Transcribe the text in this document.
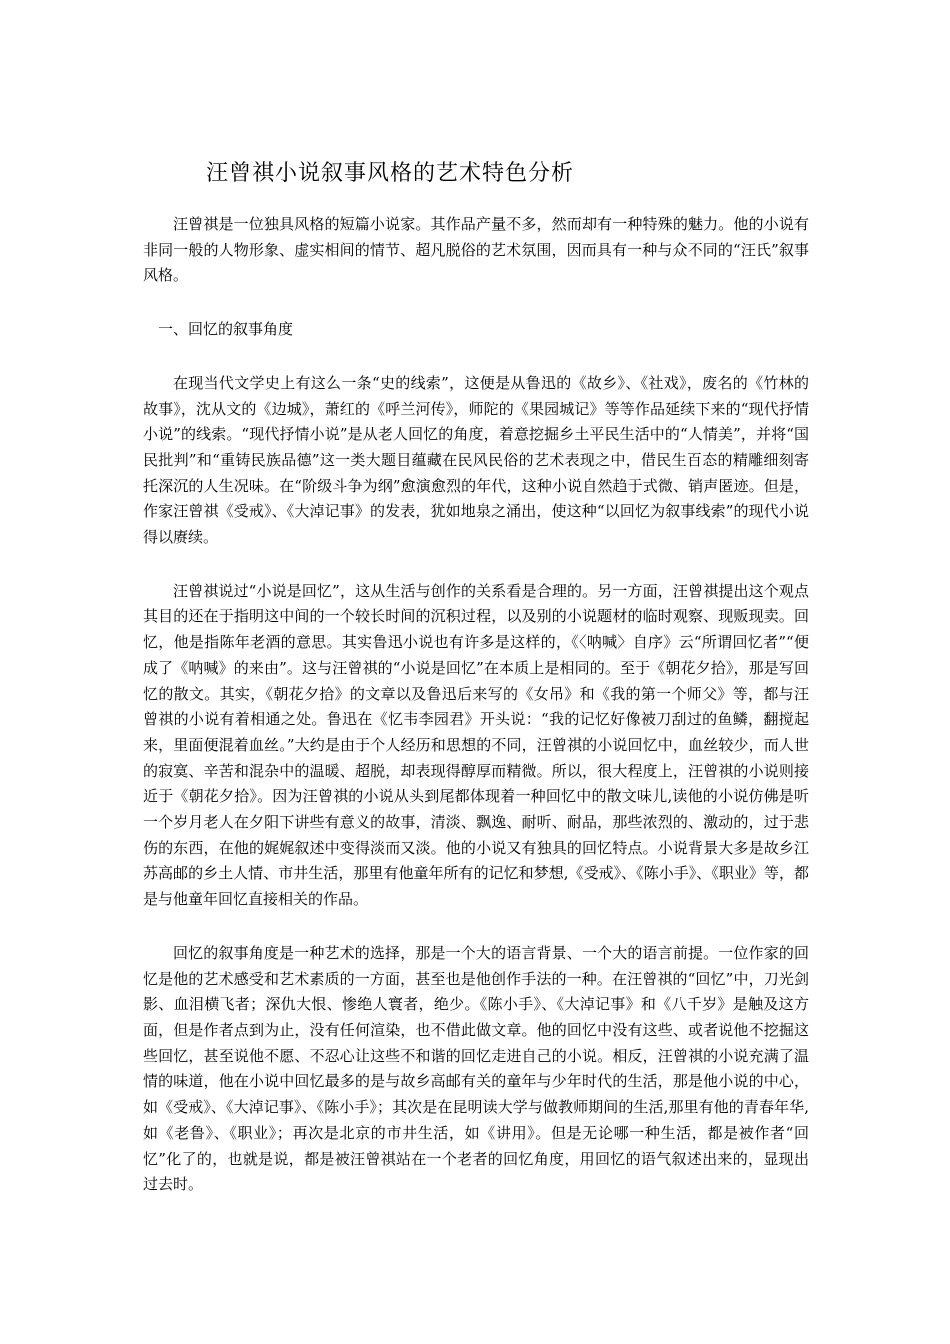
汪曾祺小说叙事风格的艺术特色分析

汪曾祺是一位独具风格的短篇小说家。其作品产量不多，然而却有一种特殊的魅力。他的小说有非同一般的人物形象、虚实相间的情节、超凡脱俗的艺术氛围，因而具有一种与众不同的“汪氏”叙事风格。

一、回忆的叙事角度

在现当代文学史上有这么一条“史的线索”，这便是从鲁迅的《故乡》、《社戏》，废名的《竹林的故事》，沈从文的《边城》，萧红的《呼兰河传》，师陀的《果园城记》等等作品延续下来的“现代抒情小说”的线索。“现代抒情小说”是从老人回忆的角度，着意挖掘乡土平民生活中的“人情美”，并将“国民批判”和“重铸民族品德”这一类大题目蕴藏在民风民俗的艺术表现之中，借民生百态的精雕细刻寄托深沉的人生况味。在“阶级斗争为纲”愈演愈烈的年代，这种小说自然趋于式微、销声匿迹。但是，作家汪曾祺《受戒》、《大淖记事》的发表，犹如地泉之涌出，使这种“以回忆为叙事线索”的现代小说得以赓续。

汪曾祺说过“小说是回忆”，这从生活与创作的关系看是合理的。另一方面，汪曾祺提出这个观点其目的还在于指明这中间的一个较长时间的沉积过程，以及别的小说题材的临时观察、现贩现卖。回忆，他是指陈年老酒的意思。其实鲁迅小说也有许多是这样的，《〈呐喊〉自序》云“所谓回忆者”“便成了《呐喊》的来由”。这与汪曾祺的“小说是回忆”在本质上是相同的。至于《朝花夕拾》，那是写回忆的散文。其实，《朝花夕拾》的文章以及鲁迅后来写的《女吊》和《我的第一个师父》等，都与汪曾祺的小说有着相通之处。鲁迅在《忆韦李园君》开头说：“我的记忆好像被刀刮过的鱼鳞，翻搅起来，里面便混着血丝。”大约是由于个人经历和思想的不同，汪曾祺的小说回忆中，血丝较少，而人世的寂寞、辛苦和混杂中的温暖、超脱，却表现得醇厚而精微。所以，很大程度上，汪曾祺的小说则接近于《朝花夕拾》。因为汪曾祺的小说从头到尾都体现着一种回忆中的散文味儿,读他的小说仿佛是听一个岁月老人在夕阳下讲些有意义的故事，清淡、飘逸、耐听、耐品，那些浓烈的、激动的，过于悲伤的东西，在他的娓娓叙述中变得淡而又淡。他的小说又有独具的回忆特点。小说背景大多是故乡江苏高邮的乡土人情、市井生活，那里有他童年所有的记忆和梦想,《受戒》、《陈小手》、《职业》等，都是与他童年回忆直接相关的作品。

回忆的叙事角度是一种艺术的选择，那是一个大的语言背景、一个大的语言前提。一位作家的回忆是他的艺术感受和艺术素质的一方面，甚至也是他创作手法的一种。在汪曾祺的“回忆”中，刀光剑影、血泪横飞者；深仇大恨、惨绝人寰者，绝少。《陈小手》、《大淖记事》和《八千岁》是触及这方面，但是作者点到为止，没有任何渲染，也不借此做文章。他的回忆中没有这些、或者说他不挖掘这些回忆，甚至说他不愿、不忍心让这些不和谐的回忆走进自己的小说。相反，汪曾祺的小说充满了温情的味道，他在小说中回忆最多的是与故乡高邮有关的童年与少年时代的生活，那是他小说的中心，如《受戒》、《大淖记事》、《陈小手》；其次是在昆明读大学与做教师期间的生活,那里有他的青春年华,如《老鲁》、《职业》；再次是北京的市井生活，如《讲用》。但是无论哪一种生活，都是被作者“回忆”化了的，也就是说，都是被汪曾祺站在一个老者的回忆角度，用回忆的语气叙述出来的，显现出过去时。
